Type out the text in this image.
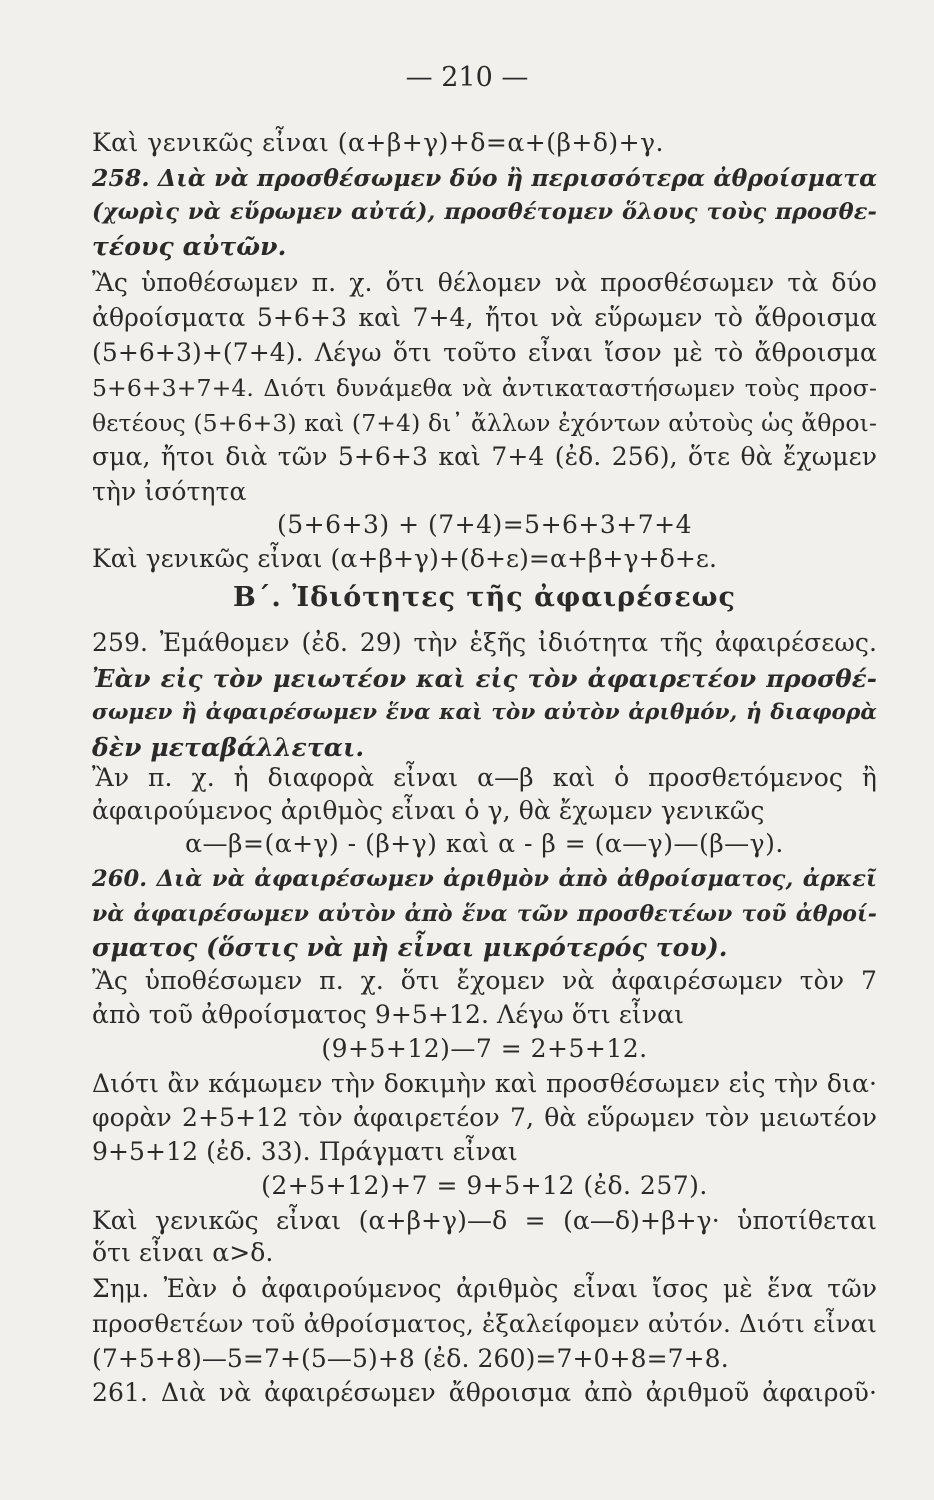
— 210 —
Καὶ γενικῶς εἶναι (α+β+γ)+δ=α+(β+δ)+γ.
258. Διὰ νὰ προσθέσωμεν δύο ἢ περισσότερα ἀθροίσματα
(χωρὶς νὰ εὕρωμεν αὐτά), προσθέτομεν ὅλους τοὺς προσθε-
τέους αὐτῶν.
Ἂς ὑποθέσωμεν π. χ. ὅτι θέλομεν νὰ προσθέσωμεν τὰ δύο
ἀθροίσματα 5+6+3 καὶ 7+4, ἤτοι νὰ εὕρωμεν τὸ ἄθροισμα
(5+6+3)+(7+4). Λέγω ὅτι τοῦτο εἶναι ἴσον μὲ τὸ ἄθροισμα
5+6+3+7+4. Διότι δυνάμεθα νὰ ἀντικαταστήσωμεν τοὺς προσ-
θετέους (5+6+3) καὶ (7+4) δι᾽ ἄλλων ἐχόντων αὐτοὺς ὡς ἄθροι-
σμα, ἤτοι διὰ τῶν 5+6+3 καὶ 7+4 (ἐδ. 256), ὅτε θὰ ἔχωμεν
τὴν ἰσότητα
(5+6+3) + (7+4)=5+6+3+7+4
Καὶ γενικῶς εἶναι (α+β+γ)+(δ+ε)=α+β+γ+δ+ε.
Β΄. Ἰδιότητες τῆς ἀφαιρέσεως
259. Ἐμάθομεν (ἐδ. 29) τὴν ἑξῆς ἰδιότητα τῆς ἀφαιρέσεως.
Ἐὰν εἰς τὸν μειωτέον καὶ εἰς τὸν ἀφαιρετέον προσθέ-
σωμεν ἢ ἀφαιρέσωμεν ἕνα καὶ τὸν αὐτὸν ἀριθμόν, ἡ διαφορὰ
δὲν μεταβάλλεται.
Ἂν π. χ. ἡ διαφορὰ εἶναι α—β καὶ ὁ προσθετόμενος ἢ
ἀφαιρούμενος ἀριθμὸς εἶναι ὁ γ, θὰ ἔχωμεν γενικῶς
α—β=(α+γ) - (β+γ) καὶ α - β = (α—γ)—(β—γ).
260. Διὰ νὰ ἀφαιρέσωμεν ἀριθμὸν ἀπὸ ἀθροίσματος, ἀρκεῖ
νὰ ἀφαιρέσωμεν αὐτὸν ἀπὸ ἕνα τῶν προσθετέων τοῦ ἀθροί-
σματος (ὅστις νὰ μὴ εἶναι μικρότερός του).
Ἂς ὑποθέσωμεν π. χ. ὅτι ἔχομεν νὰ ἀφαιρέσωμεν τὸν 7
ἀπὸ τοῦ ἀθροίσματος 9+5+12. Λέγω ὅτι εἶναι
(9+5+12)—7 = 2+5+12.
Διότι ἂν κάμωμεν τὴν δοκιμὴν καὶ προσθέσωμεν εἰς τὴν δια·
φορὰν 2+5+12 τὸν ἀφαιρετέον 7, θὰ εὕρωμεν τὸν μειωτέον
9+5+12 (ἐδ. 33). Πράγματι εἶναι
(2+5+12)+7 = 9+5+12 (ἐδ. 257).
Καὶ γενικῶς εἶναι (α+β+γ)—δ = (α—δ)+β+γ· ὑποτίθεται
ὅτι εἶναι α>δ.
Σημ. Ἐὰν ὁ ἀφαιρούμενος ἀριθμὸς εἶναι ἴσος μὲ ἕνα τῶν
προσθετέων τοῦ ἀθροίσματος, ἐξαλείφομεν αὐτόν. Διότι εἶναι
(7+5+8)—5=7+(5—5)+8 (ἐδ. 260)=7+0+8=7+8.
261. Διὰ νὰ ἀφαιρέσωμεν ἄθροισμα ἀπὸ ἀριθμοῦ ἀφαιροῦ·
